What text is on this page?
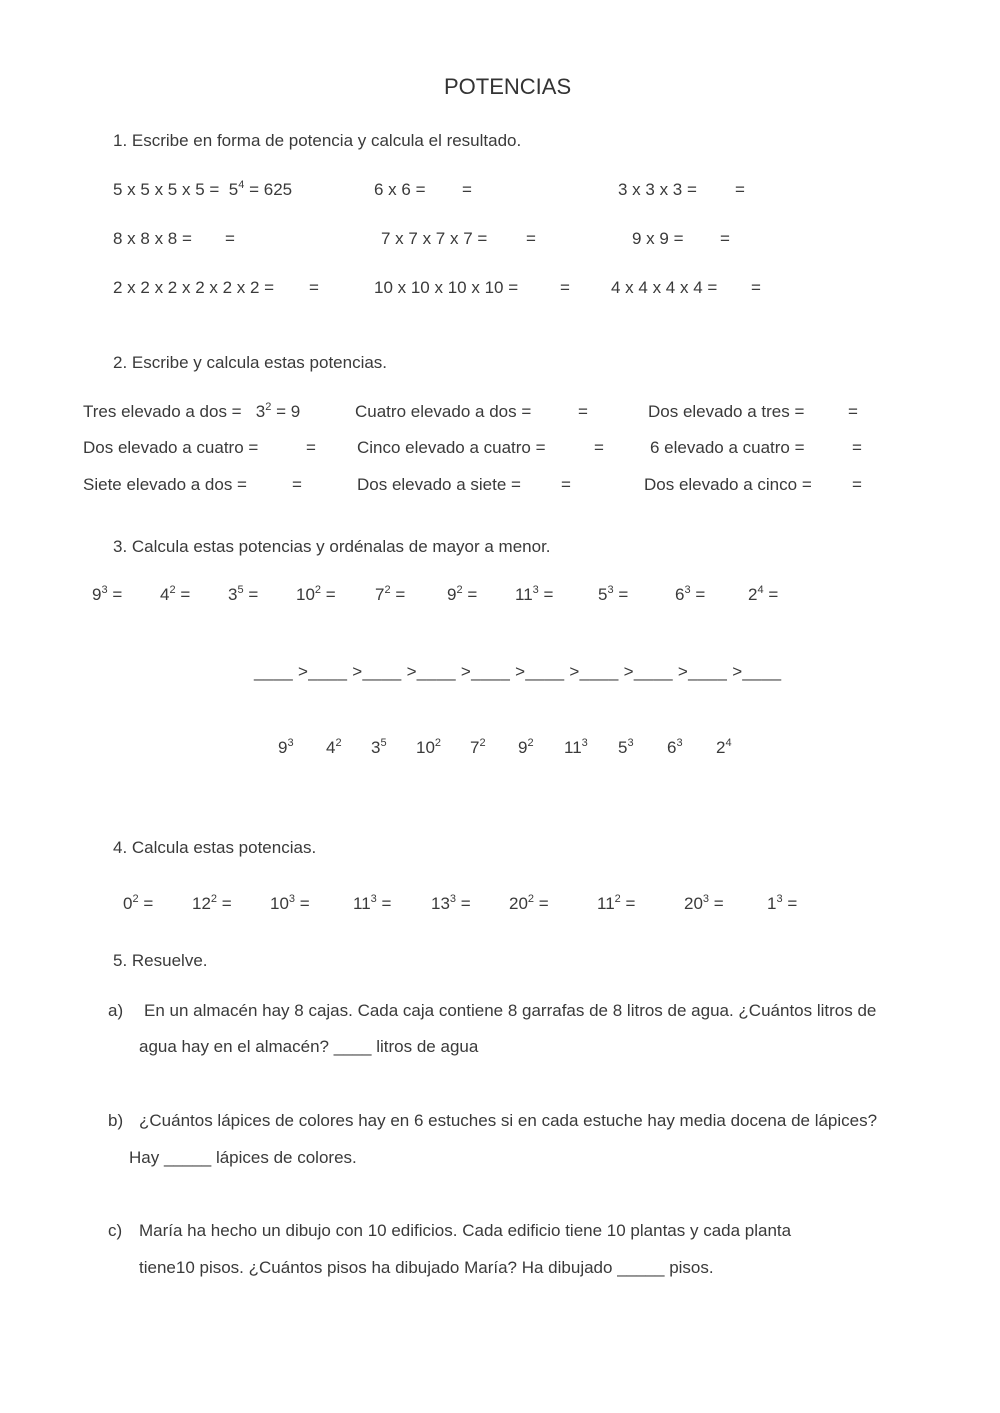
POTENCIAS
1. Escribe en forma de potencia y calcula el resultado.
5 x 5 x 5 x $5 = 5^4 = 625$	6 x 6 = =	3 x 3 x 3 = =
8 x 8 x 8 = =	7 x 7 x 7 x 7 = =	9 x 9 = =
2 x 2 x 2 x 2 x 2 x 2 = =	10 x 10 x 10 x 10 = = 4 x 4 x 4 x 4 = =
2. Escribe y calcula estas potencias.
Tres elevado a dos = $3^2 = 9$	Cuatro elevado a dos =	=	Dos elevado a tres =	=
Dos elevado a cuatro =	= Cinco elevado a cuatro =	=	6 elevado a cuatro =	=
Siete elevado a dos =	=	Dos elevado a siete = =	Dos elevado a cinco = =
3. Calcula estas potencias y ordénalas de mayor a menor.
$9^3 = 4^2 = 3^5 = 10^2 = 7^2 = 9^2 = 11^3$ =	$5^3$ =	$6^3$ =	$2^4$ =
____ >____ >____ >____ >____ >____ >____ >____ >____ >____
$9^3$ $4^2$ $3^5$ $10^2$ $7^2$ $9^2$ $11^3$ $5^3$ $6^3$ $2^4$
4. Calcula estas potencias.
$0^2 = 12^2 = 10^3$ =	$11^3 = 13^3 = 20^2$ =	$11^2$ =	$20^3$ =	$1^3$ =
5. Resuelve.
a) En un almacén hay 8 cajas. Cada caja contiene 8 garrafas de 8 litros de agua. ¿Cuántos litros de
agua hay en el almacén? ____ litros de agua
b) ¿Cuántos lápices de colores hay en 6 estuches si en cada estuche hay media docena de lápices?
Hay _____ lápices de colores.
c) María ha hecho un dibujo con 10 edificios. Cada edificio tiene 10 plantas y cada planta
tiene10 pisos. ¿Cuántos pisos ha dibujado María? Ha dibujado _____ pisos.
